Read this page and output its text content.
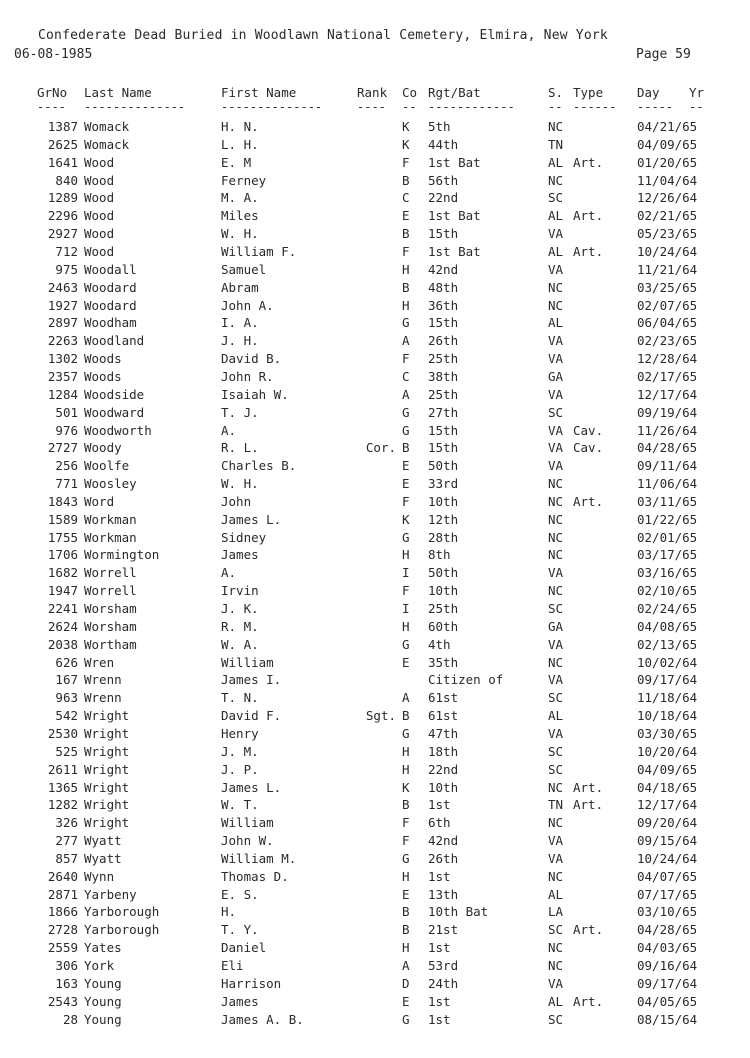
Confederate Dead Buried in Woodlawn National Cemetery, Elmira, New York
06-08-1985	Page 59
GrNo Last Name	First Name	Rank Co Rgt/Bat	S. Type	Day Yr
---- --------------	--------------	---- -- ------------	-- ------ ----- --
1387 Womack	H. N.	K 5th	NC	04/21/65
2625 Womack	L. H.	K 44th	TN	04/09/65
1641 Wood	E. M	F 1st Bat	AL Art.	01/20/65
840 Wood	Ferney	B 56th	NC	11/04/64
1289 Wood	M. A.	C 22nd	SC	12/26/64
2296 Wood	Miles	E 1st Bat	AL Art.	02/21/65
2927 Wood	W. H.	B 15th	VA	05/23/65
712 Wood	William F.	F 1st Bat	AL Art.	10/24/64
975 Woodall	Samuel	H 42nd	VA	11/21/64
2463 Woodard	Abram	B 48th	NC	03/25/65
1927 Woodard	John A.	H 36th	NC	02/07/65
2897 Woodham	I. A.	G 15th	AL	06/04/65
2263 Woodland	J. H.	A 26th	VA	02/23/65
1302 Woods	David B.	F 25th	VA	12/28/64
2357 Woods	John R.	C 38th	GA	02/17/65
1284 Woodside	Isaiah W.	A 25th	VA	12/17/64
501 Woodward	T. J.	G 27th	SC	09/19/64
976 Woodworth	A.	G 15th	VA Cav.	11/26/64
2727 Woody	R. L.	Cor. B 15th	VA Cav.	04/28/65
256 Woolfe	Charles B.	E 50th	VA	09/11/64
771 Woosley	W. H.	E 33rd	NC	11/06/64
1843 Word	John	F 10th	NC Art.	03/11/65
1589 Workman	James L.	K 12th	NC	01/22/65
1755 Workman	Sidney	G 28th	NC	02/01/65
1706 Wormington	James	H 8th	NC	03/17/65
1682 Worrell	A.	I 50th	VA	03/16/65
1947 Worrell	Irvin	F 10th	NC	02/10/65
2241 Worsham	J. K.	I 25th	SC	02/24/65
2624 Worsham	R. M.	H 60th	GA	04/08/65
2038 Wortham	W. A.	G 4th	VA	02/13/65
626 Wren	William	E 35th	NC	10/02/64
167 Wrenn	James I.	Citizen of	VA	09/17/64
963 Wrenn	T. N.	A 61st	SC	11/18/64
542 Wright	David F.	Sgt. B 61st	AL	10/18/64
2530 Wright	Henry	G 47th	VA	03/30/65
525 Wright	J. M.	H 18th	SC	10/20/64
2611 Wright	J. P.	H 22nd	SC	04/09/65
1365 Wright	James L.	K 10th	NC Art.	04/18/65
1282 Wright	W. T.	B 1st	TN Art.	12/17/64
326 Wright	William	F 6th	NC	09/20/64
277 Wyatt	John W.	F 42nd	VA	09/15/64
857 Wyatt	William M.	G 26th	VA	10/24/64
2640 Wynn	Thomas D.	H 1st	NC	04/07/65
2871 Yarbeny	E. S.	E 13th	AL	07/17/65
1866 Yarborough	H.	B 10th Bat	LA	03/10/65
2728 Yarborough	T. Y.	B 21st	SC Art.	04/28/65
2559 Yates	Daniel	H 1st	NC	04/03/65
306 York	Eli	A 53rd	NC	09/16/64
163 Young	Harrison	D 24th	VA	09/17/64
2543 Young	James	E 1st	AL Art.	04/05/65
28 Young	James A. B.	G 1st	SC	08/15/64
